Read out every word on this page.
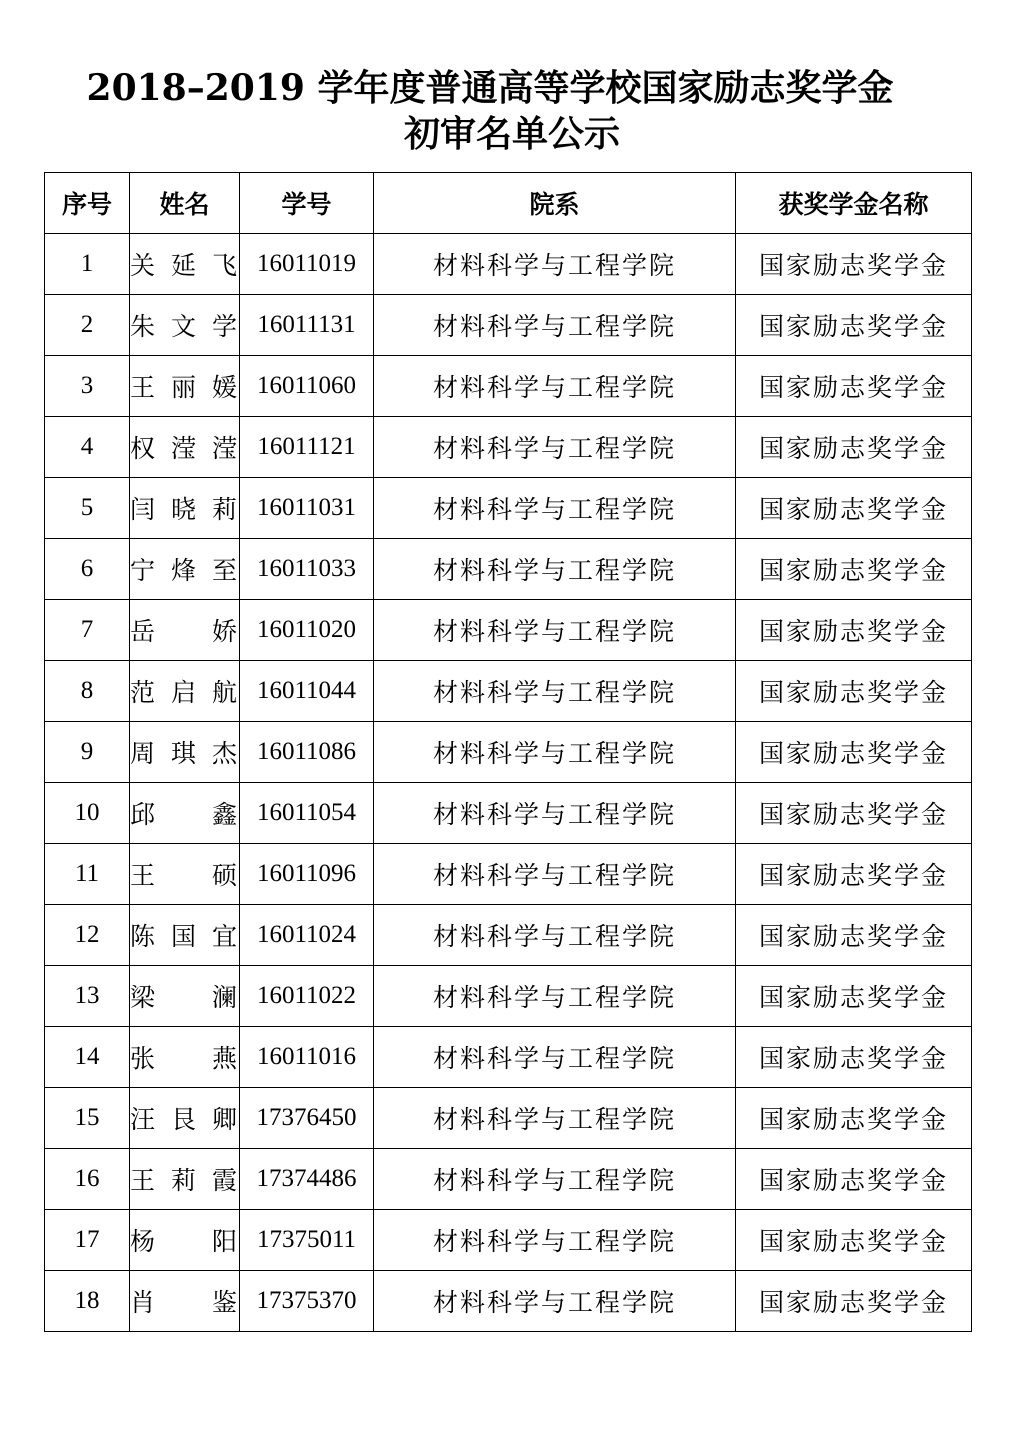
2018–2019 学年度普通高等学校国家励志奖学金
初审名单公示
序号	姓名	学号	院系	获奖学金名称
1	关延飞	16011019	材料科学与工程学院	国家励志奖学金
2	朱文学	16011131	材料科学与工程学院	国家励志奖学金
3	王丽媛	16011060	材料科学与工程学院	国家励志奖学金
4	权滢滢	16011121	材料科学与工程学院	国家励志奖学金
5	闫晓莉	16011031	材料科学与工程学院	国家励志奖学金
6	宁烽至	16011033	材料科学与工程学院	国家励志奖学金
7	岳娇	16011020	材料科学与工程学院	国家励志奖学金
8	范启航	16011044	材料科学与工程学院	国家励志奖学金
9	周琪杰	16011086	材料科学与工程学院	国家励志奖学金
10	邱鑫	16011054	材料科学与工程学院	国家励志奖学金
11	王硕	16011096	材料科学与工程学院	国家励志奖学金
12	陈国宜	16011024	材料科学与工程学院	国家励志奖学金
13	梁澜	16011022	材料科学与工程学院	国家励志奖学金
14	张燕	16011016	材料科学与工程学院	国家励志奖学金
15	汪艮卿	17376450	材料科学与工程学院	国家励志奖学金
16	王莉霞	17374486	材料科学与工程学院	国家励志奖学金
17	杨阳	17375011	材料科学与工程学院	国家励志奖学金
18	肖鉴	17375370	材料科学与工程学院	国家励志奖学金
